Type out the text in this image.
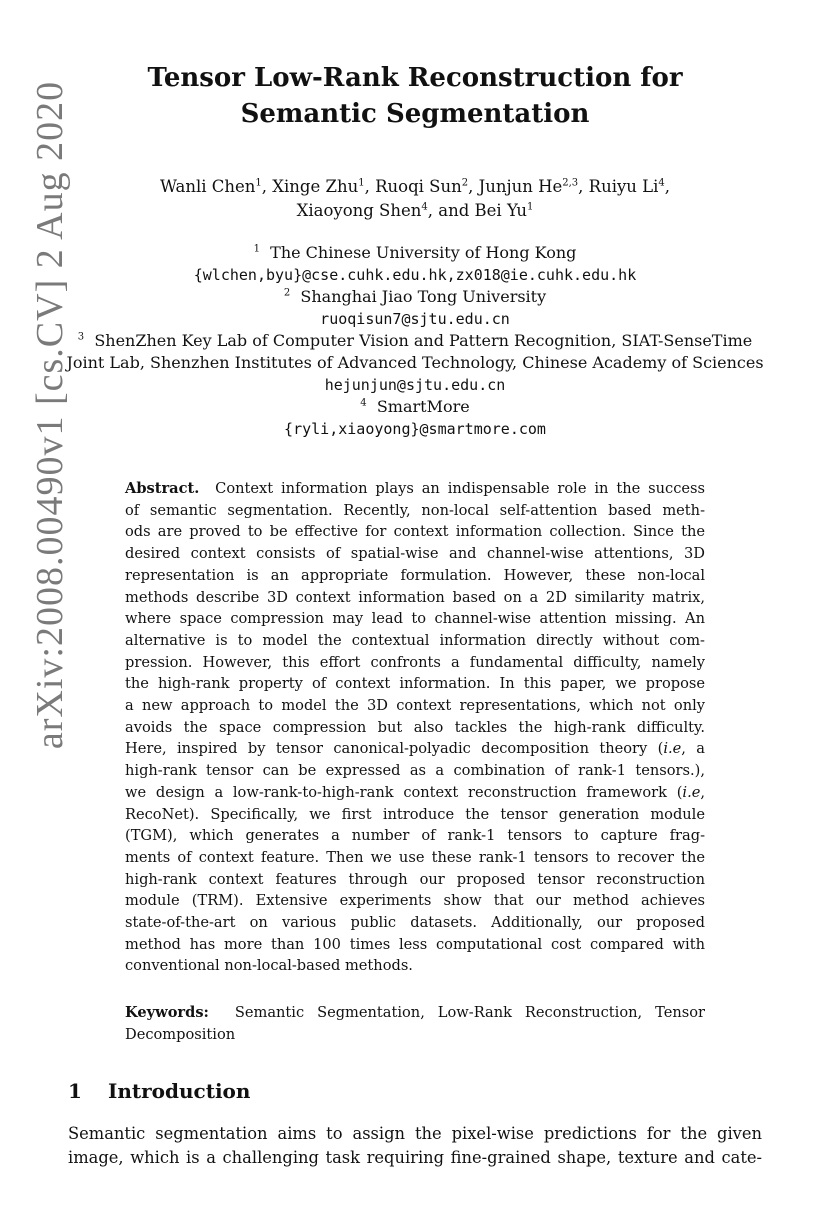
arXiv:2008.00490v1 [cs.CV] 2 Aug 2020
Tensor Low-Rank Reconstruction for
Semantic Segmentation
Wanli Chen$^1$, Xinge Zhu$^1$, Ruoqi Sun$^2$, Junjun He$^{2,3}$, Ruiyu Li$^4$,
Xiaoyong Shen$^4$, and Bei Yu$^1$
$^1$ The Chinese University of Hong Kong
{wlchen,byu}@cse.cuhk.edu.hk,zx018@ie.cuhk.edu.hk
$^2$ Shanghai Jiao Tong University
ruoqisun7@sjtu.edu.cn
$^3$ ShenZhen Key Lab of Computer Vision and Pattern Recognition, SIAT-SenseTime
Joint Lab, Shenzhen Institutes of Advanced Technology, Chinese Academy of Sciences
hejunjun@sjtu.edu.cn
$^4$ SmartMore
{ryli,xiaoyong}@smartmore.com
Abstract. Context information plays an indispensable role in the success
of semantic segmentation. Recently, non-local self-attention based meth-
ods are proved to be effective for context information collection. Since the
desired context consists of spatial-wise and channel-wise attentions, 3D
representation is an appropriate formulation. However, these non-local
methods describe 3D context information based on a 2D similarity matrix,
where space compression may lead to channel-wise attention missing. An
alternative is to model the contextual information directly without com-
pression. However, this effort confronts a fundamental difficulty, namely
the high-rank property of context information. In this paper, we propose
a new approach to model the 3D context representations, which not only
avoids the space compression but also tackles the high-rank difficulty.
Here, inspired by tensor canonical-polyadic decomposition theory (i.e, a
high-rank tensor can be expressed as a combination of rank-1 tensors.),
we design a low-rank-to-high-rank context reconstruction framework (i.e,
RecoNet). Specifically, we first introduce the tensor generation module
(TGM), which generates a number of rank-1 tensors to capture frag-
ments of context feature. Then we use these rank-1 tensors to recover the
high-rank context features through our proposed tensor reconstruction
module (TRM). Extensive experiments show that our method achieves
state-of-the-art on various public datasets. Additionally, our proposed
method has more than 100 times less computational cost compared with
conventional non-local-based methods.
Keywords: Semantic Segmentation, Low-Rank Reconstruction, Tensor
Decomposition
1 Introduction
Semantic segmentation aims to assign the pixel-wise predictions for the given
image, which is a challenging task requiring fine-grained shape, texture and cate-
